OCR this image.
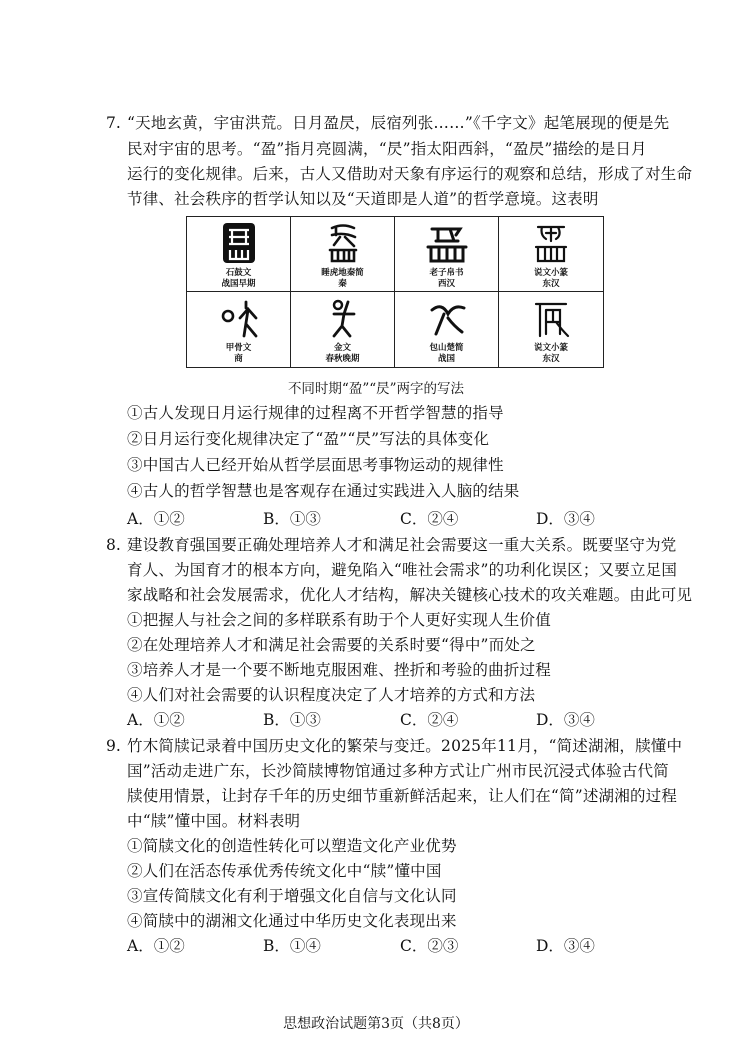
7. “天地玄黄，宇宙洪荒。日月盈昃，辰宿列张……”《千字文》起笔展现的便是先
民对宇宙的思考。“盈”指月亮圆满，“昃”指太阳西斜，“盈昃”描绘的是日月
运行的变化规律。后来，古人又借助对天象有序运行的观察和总结，形成了对生命
节律、社会秩序的哲学认知以及“天道即是人道”的哲学意境。这表明
石鼓文
战国早期
睡虎地秦简
秦
老子帛书
西汉
说文小篆
东汉
甲骨文
商
金文
春秋晚期
包山楚简
战国
说文小篆
东汉
不同时期“盈”“昃”两字的写法
①古人发现日月运行规律的过程离不开哲学智慧的指导
②日月运行变化规律决定了“盈”“昃”写法的具体变化
③中国古人已经开始从哲学层面思考事物运动的规律性
④古人的哲学智慧也是客观存在通过实践进入人脑的结果
A．①②	B．①③	C．②④	D．③④
8. 建设教育强国要正确处理培养人才和满足社会需要这一重大关系。既要坚守为党
育人、为国育才的根本方向，避免陷入“唯社会需求”的功利化误区；又要立足国
家战略和社会发展需求，优化人才结构，解决关键核心技术的攻关难题。由此可见
①把握人与社会之间的多样联系有助于个人更好实现人生价值
②在处理培养人才和满足社会需要的关系时要“得中”而处之
③培养人才是一个要不断地克服困难、挫折和考验的曲折过程
④人们对社会需要的认识程度决定了人才培养的方式和方法
A．①②	B．①③	C．②④	D．③④
9. 竹木简牍记录着中国历史文化的繁荣与变迁。2025年11月，“简述湖湘，牍懂中
国”活动走进广东，长沙简牍博物馆通过多种方式让广州市民沉浸式体验古代简
牍使用情景，让封存千年的历史细节重新鲜活起来，让人们在“简”述湖湘的过程
中“牍”懂中国。材料表明
①简牍文化的创造性转化可以塑造文化产业优势
②人们在活态传承优秀传统文化中“牍”懂中国
③宣传简牍文化有利于增强文化自信与文化认同
④简牍中的湖湘文化通过中华历史文化表现出来
A．①②	B．①④	C．②③	D．③④
思想政治试题第3页（共8页）
